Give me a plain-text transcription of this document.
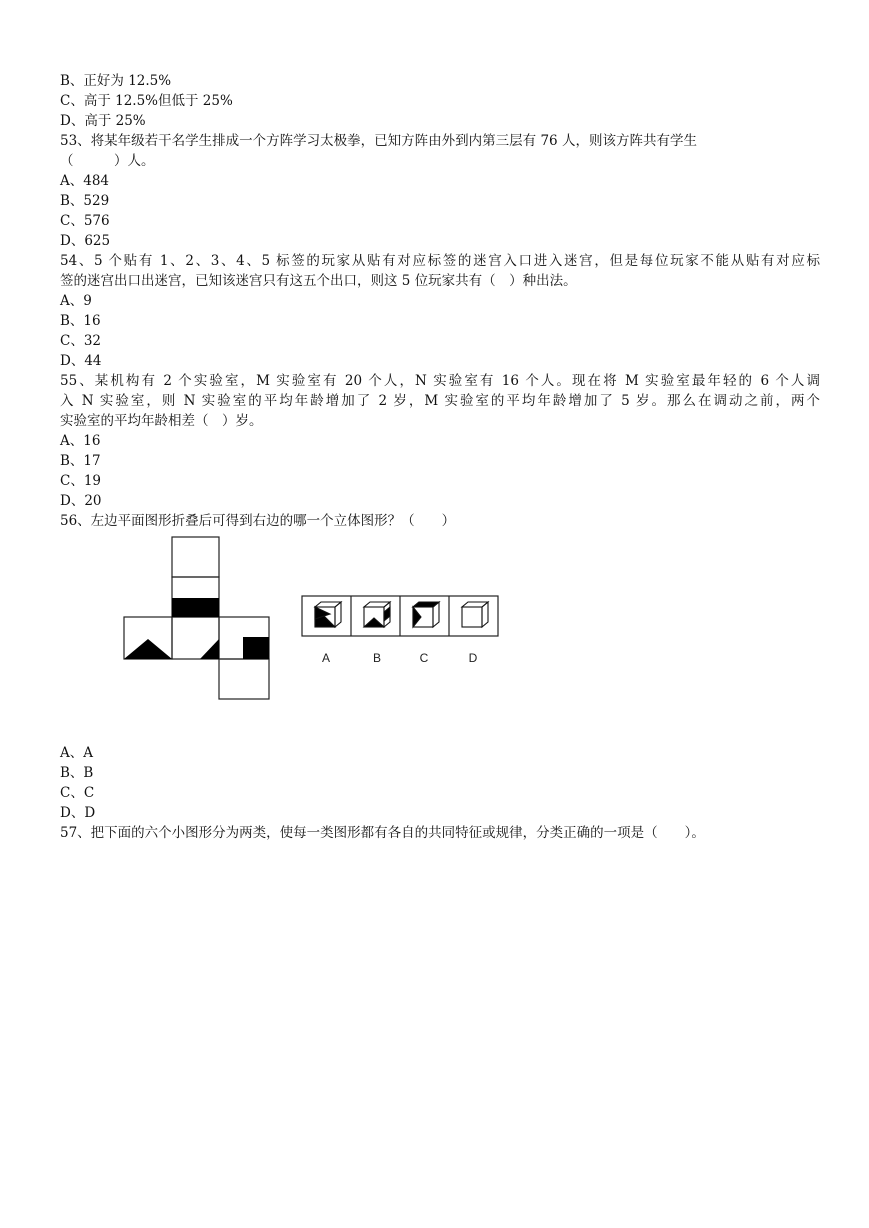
B、正好为 12.5%
C、高于 12.5%但低于 25%
D、高于 25%
53、将某年级若干名学生排成一个方阵学习太极拳，已知方阵由外到内第三层有 76 人，则该方阵共有学生
（　　　）人。
A、484
B、529
C、576
D、625
54、5 个贴有 1、2、3、4、5 标签的玩家从贴有对应标签的迷宫入口进入迷宫，但是每位玩家不能从贴有对应标
签的迷宫出口出迷宫，已知该迷宫只有这五个出口，则这 5 位玩家共有（　）种出法。
A、9
B、16
C、32
D、44
55、某机构有 2 个实验室，M 实验室有 20 个人，N 实验室有 16 个人。现在将 M 实验室最年轻的 6 个人调
入 N 实验室，则 N 实验室的平均年龄增加了 2 岁，M 实验室的平均年龄增加了 5 岁。那么在调动之前，两个
实验室的平均年龄相差（　）岁。
A、16
B、17
C、19
D、20
56、左边平面图形折叠后可得到右边的哪一个立体图形？（　　）
A	B	C	D
A、A
B、B
C、C
D、D
57、把下面的六个小图形分为两类，使每一类图形都有各自的共同特征或规律，分类正确的一项是（　　）。
